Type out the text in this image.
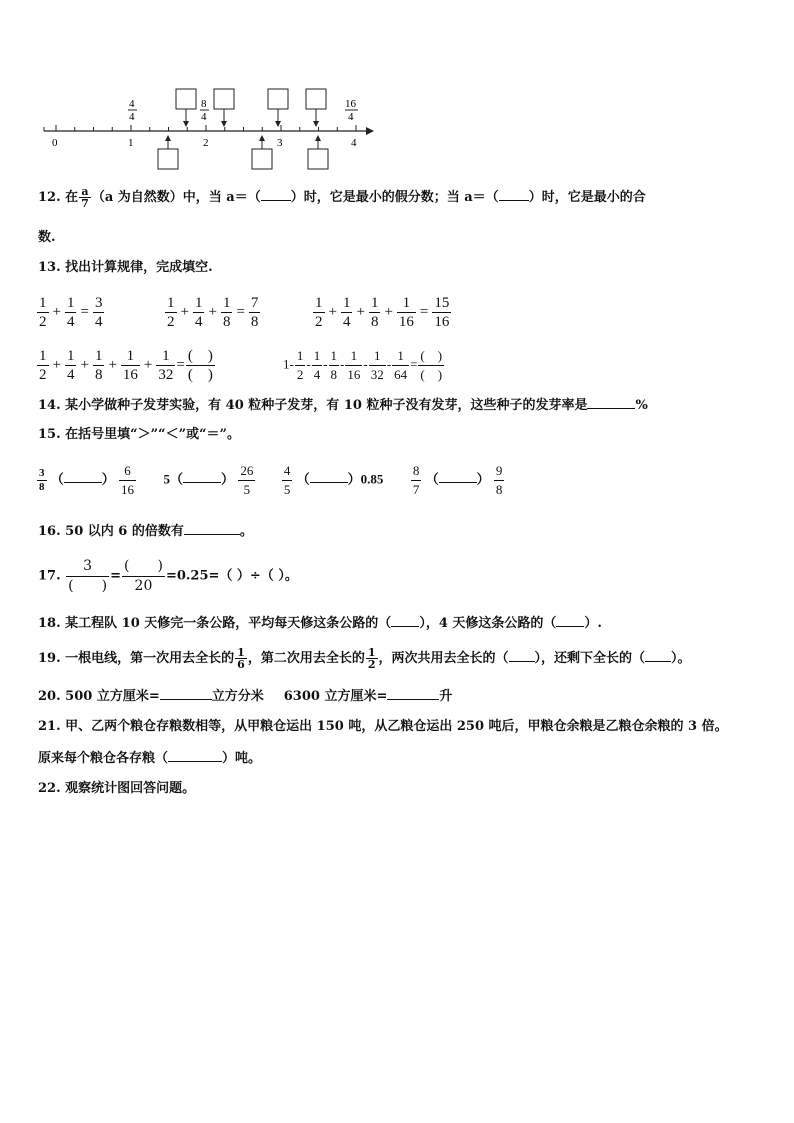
0	1	2	3	4
4
4
8
4
16
4
12. 在 $\frac{a}{7} (a$ 为自然数）中，当 a＝（ ）时，它是最小的假分数；当 a＝（ ）时，它是最小的合
数.
13. 找出计算规律，完成填空.
$\frac{1}{2} + \frac{1}{4} = \frac{3}{4}$	$\frac{1}{2} + \frac{1}{4} + \frac{1}{8} = \frac{7}{8}$	$\frac{1}{2} + \frac{1}{4} + \frac{1}{8} + \frac{1}{16} = \frac{15}{16}$
$\frac{1}{2} + \frac{1}{4} + \frac{1}{8} + \frac{1}{16} + \frac{1}{32} = \frac{( )}{( )}$	$1- \frac{1}{2} - \frac{1}{4} - \frac{1}{8} - \frac{1}{16} - \frac{1}{32} - \frac{1}{64} = \frac{( )}{( )}$
14. 某小学做种子发芽实验，有 40 粒种子发芽，有 10 粒种子没有发芽，这些种子的发芽率是	%
15. 在括号里填“＞”“＜”或“＝”。
$\frac{3}{8}$ （	） $\frac{6}{16} 5$（	） $\frac{26}{5}$
$\frac{4}{5}$ （	）$0.85 \frac{8}{7}$ （	） $\frac{9}{8}$
16. 50 以内 6 的倍数有	。
17. $\frac{3}{( )} = \frac{( )}{20} =0.25=$（ ）÷（ ）。
18. 某工程队 10 天修完一条公路，平均每天修这条公路的（ ），4 天修这条公路的（ ）.
19. 一根电线，第一次用去全长的 $\frac{1}{6}$ ，第二次用去全长的 $\frac{1}{2}$ ，两次共用去全长的（ ），还剩下全长的（ ）。
20. 500 立方厘米=	立方分米 6300 立方厘米=	升
21. 甲、乙两个粮仓存粮数相等，从甲粮仓运出 150 吨，从乙粮仓运出 250 吨后，甲粮仓余粮是乙粮仓余粮的 3 倍。
原来每个粮仓各存粮（	）吨。
22. 观察统计图回答问题。
